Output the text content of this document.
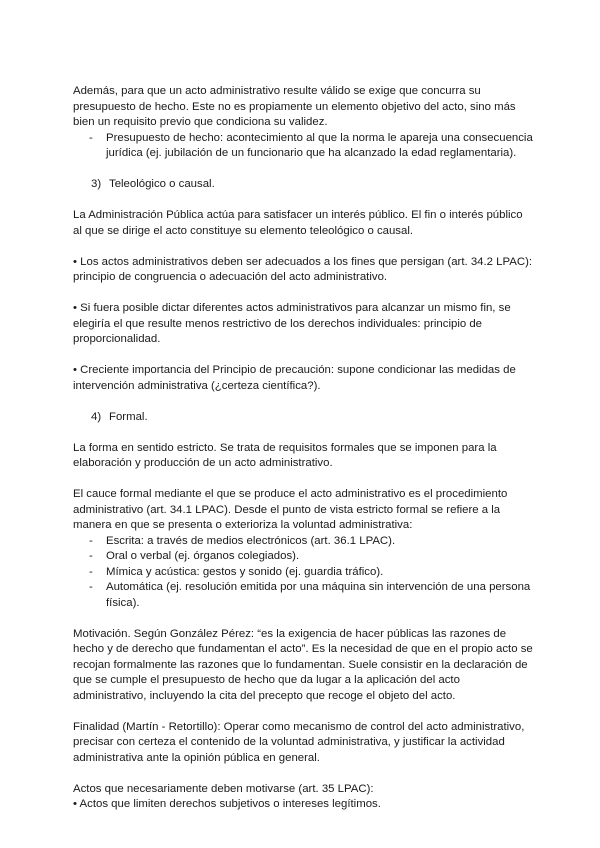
Además, para que un acto administrativo resulte válido se exige que concurra su presupuesto de hecho. Este no es propiamente un elemento objetivo del acto, sino más bien un requisito previo que condiciona su validez.

- Presupuesto de hecho: acontecimiento al que la norma le apareja una consecuencia jurídica (ej. jubilación de un funcionario que ha alcanzado la edad reglamentaria).

3) Teleológico o causal.

La Administración Pública actúa para satisfacer un interés público. El fin o interés público al que se dirige el acto constituye su elemento teleológico o causal.

• Los actos administrativos deben ser adecuados a los fines que persigan (art. 34.2 LPAC): principio de congruencia o adecuación del acto administrativo.

• Si fuera posible dictar diferentes actos administrativos para alcanzar un mismo fin, se elegiría el que resulte menos restrictivo de los derechos individuales: principio de proporcionalidad.

• Creciente importancia del Principio de precaución: supone condicionar las medidas de intervención administrativa (¿certeza científica?).

4) Formal.

La forma en sentido estricto. Se trata de requisitos formales que se imponen para la elaboración y producción de un acto administrativo.

El cauce formal mediante el que se produce el acto administrativo es el procedimiento administrativo (art. 34.1 LPAC). Desde el punto de vista estricto formal se refiere a la manera en que se presenta o exterioriza la voluntad administrativa:

- Escrita: a través de medios electrónicos (art. 36.1 LPAC).
- Oral o verbal (ej. órganos colegiados).
- Mímica y acústica: gestos y sonido (ej. guardia tráfico).
- Automática (ej. resolución emitida por una máquina sin intervención de una persona física).

Motivación. Según González Pérez: “es la exigencia de hacer públicas las razones de hecho y de derecho que fundamentan el acto”. Es la necesidad de que en el propio acto se recojan formalmente las razones que lo fundamentan. Suele consistir en la declaración de que se cumple el presupuesto de hecho que da lugar a la aplicación del acto administrativo, incluyendo la cita del precepto que recoge el objeto del acto.

Finalidad (Martín - Retortillo): Operar como mecanismo de control del acto administrativo, precisar con certeza el contenido de la voluntad administrativa, y justificar la actividad administrativa ante la opinión pública en general.

Actos que necesariamente deben motivarse (art. 35 LPAC):

• Actos que limiten derechos subjetivos o intereses legítimos.
